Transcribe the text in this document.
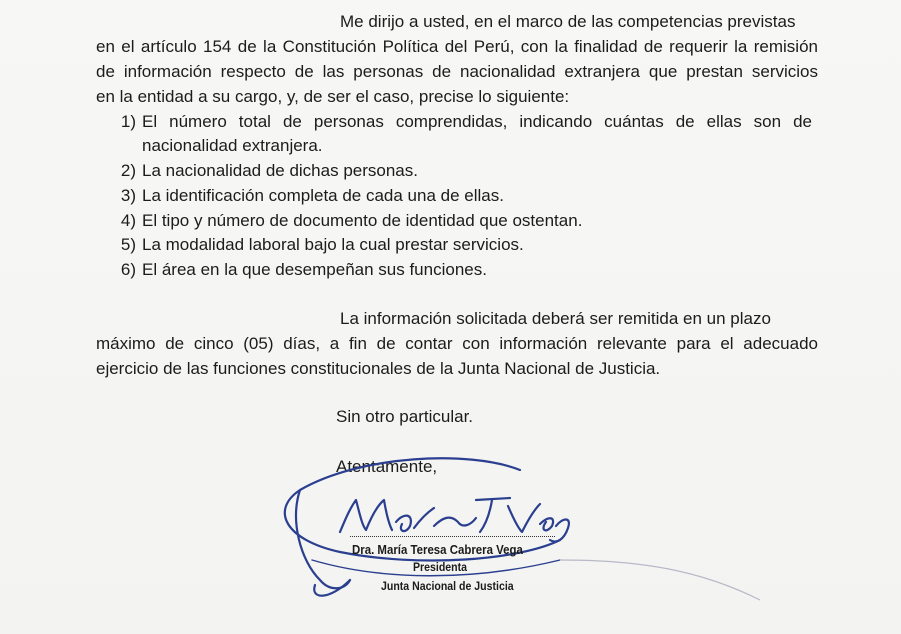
Me dirijo a usted, en el marco de las competencias previstas
en el artículo 154 de la Constitución Política del Perú, con la finalidad de requerir la remisión
de información respecto de las personas de nacionalidad extranjera que prestan servicios
en la entidad a su cargo, y, de ser el caso, precise lo siguiente:
1) El número total de personas comprendidas, indicando cuántas de ellas son de
nacionalidad extranjera.
2) La nacionalidad de dichas personas.
3) La identificación completa de cada una de ellas.
4) El tipo y número de documento de identidad que ostentan.
5) La modalidad laboral bajo la cual prestar servicios.
6) El área en la que desempeñan sus funciones.
La información solicitada deberá ser remitida en un plazo
máximo de cinco (05) días, a fin de contar con información relevante para el adecuado
ejercicio de las funciones constitucionales de la Junta Nacional de Justicia.
Sin otro particular.
Atentamente,
Dra. María Teresa Cabrera Vega
Presidenta
Junta Nacional de Justicia
